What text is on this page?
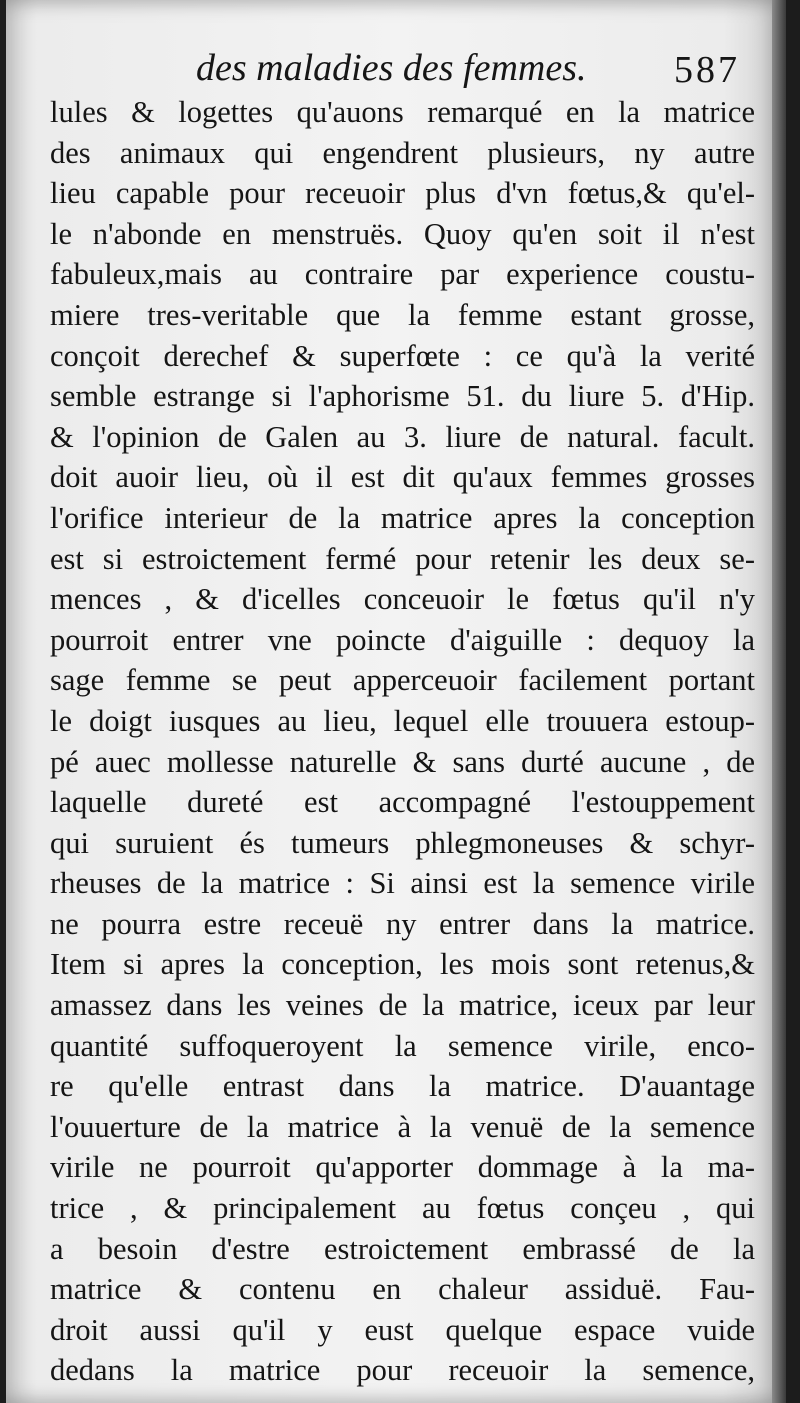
des maladies des femmes. 587
lules & logettes qu'auons remarqué en la matrice
des animaux qui engendrent plusieurs, ny autre
lieu capable pour receuoir plus d'vn fœtus,& qu'el-
le n'abonde en menstruës. Quoy qu'en soit il n'est
fabuleux,mais au contraire par experience coustu-
miere tres-veritable que la femme estant grosse,
conçoit derechef & superfœte : ce qu'à la verité
semble estrange si l'aphorisme 51. du liure 5. d'Hip.
& l'opinion de Galen au 3. liure de natural. facult.
doit auoir lieu, où il est dit qu'aux femmes grosses
l'orifice interieur de la matrice apres la conception
est si estroictement fermé pour retenir les deux se-
mences , & d'icelles conceuoir le fœtus qu'il n'y
pourroit entrer vne poincte d'aiguille : dequoy la
sage femme se peut apperceuoir facilement portant
le doigt iusques au lieu, lequel elle trouuera estoup-
pé auec mollesse naturelle & sans durté aucune , de
laquelle dureté est accompagné l'estouppement
qui suruient és tumeurs phlegmoneuses & schyr-
rheuses de la matrice : Si ainsi est la semence virile
ne pourra estre receuë ny entrer dans la matrice.
Item si apres la conception, les mois sont retenus,&
amassez dans les veines de la matrice, iceux par leur
quantité suffoqueroyent la semence virile, enco-
re qu'elle entrast dans la matrice. D'auantage
l'ouuerture de la matrice à la venuë de la semence
virile ne pourroit qu'apporter dommage à la ma-
trice , & principalement au fœtus conçeu , qui
a besoin d'estre estroictement embrassé de la
matrice & contenu en chaleur assiduë. Fau-
droit aussi qu'il y eust quelque espace vuide
dedans la matrice pour receuoir la semence,
